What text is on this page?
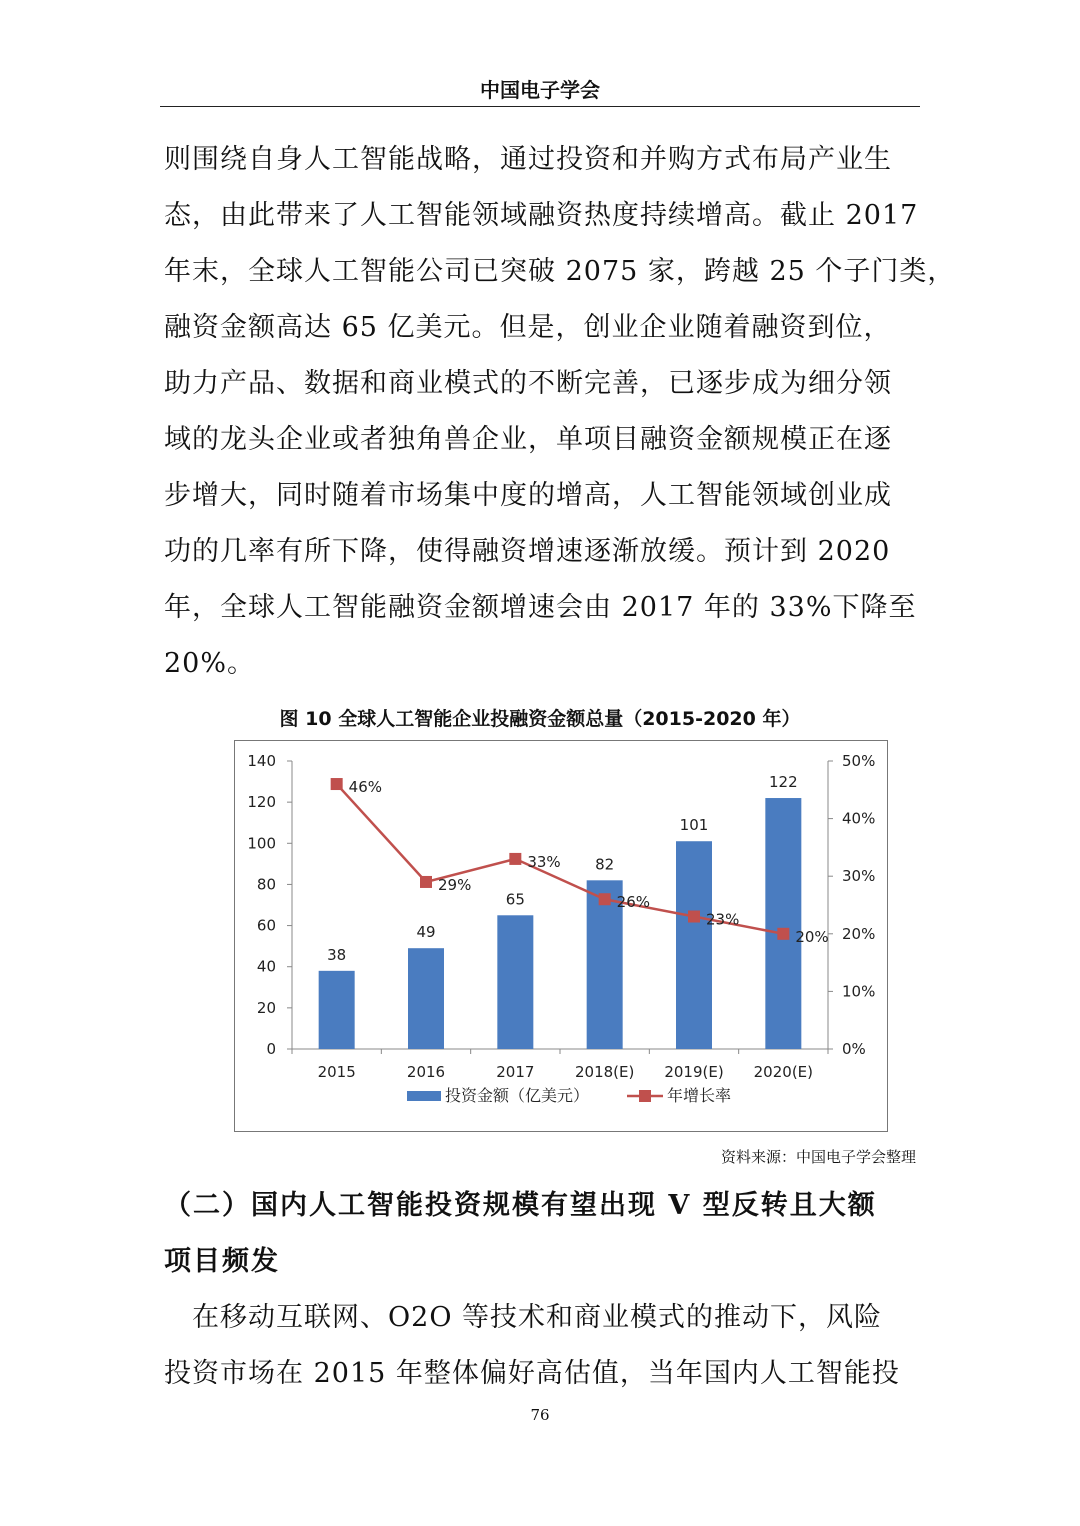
中国电子学会
则围绕自身人工智能战略，通过投资和并购方式布局产业生
态，由此带来了人工智能领域融资热度持续增高。截止 2017
年末，全球人工智能公司已突破 2075 家，跨越 25 个子门类，
融资金额高达 65 亿美元。但是，创业企业随着融资到位，
助力产品、数据和商业模式的不断完善，已逐步成为细分领
域的龙头企业或者独角兽企业，单项目融资金额规模正在逐
步增大，同时随着市场集中度的增高，人工智能领域创业成
功的几率有所下降，使得融资增速逐渐放缓。预计到 2020
年，全球人工智能融资金额增速会由 2017 年的 33%下降至
20%。
图 10 全球人工智能企业投融资金额总量（2015-2020 年）
0
20
40
60
80
100
120
140
0%
10%
20%
30%
40%
50%
2015	2016	2017	2018(E) 2019(E) 2020(E)
38
49
65
82
101
122
46%
29%
33%
26%
23%
20%
投资金额（亿美元）	年增长率
资料来源：中国电子学会整理
（二）国内人工智能投资规模有望出现 V 型反转且大额
项目频发
　在移动互联网、O2O 等技术和商业模式的推动下，风险
投资市场在 2015 年整体偏好高估值，当年国内人工智能投
76
